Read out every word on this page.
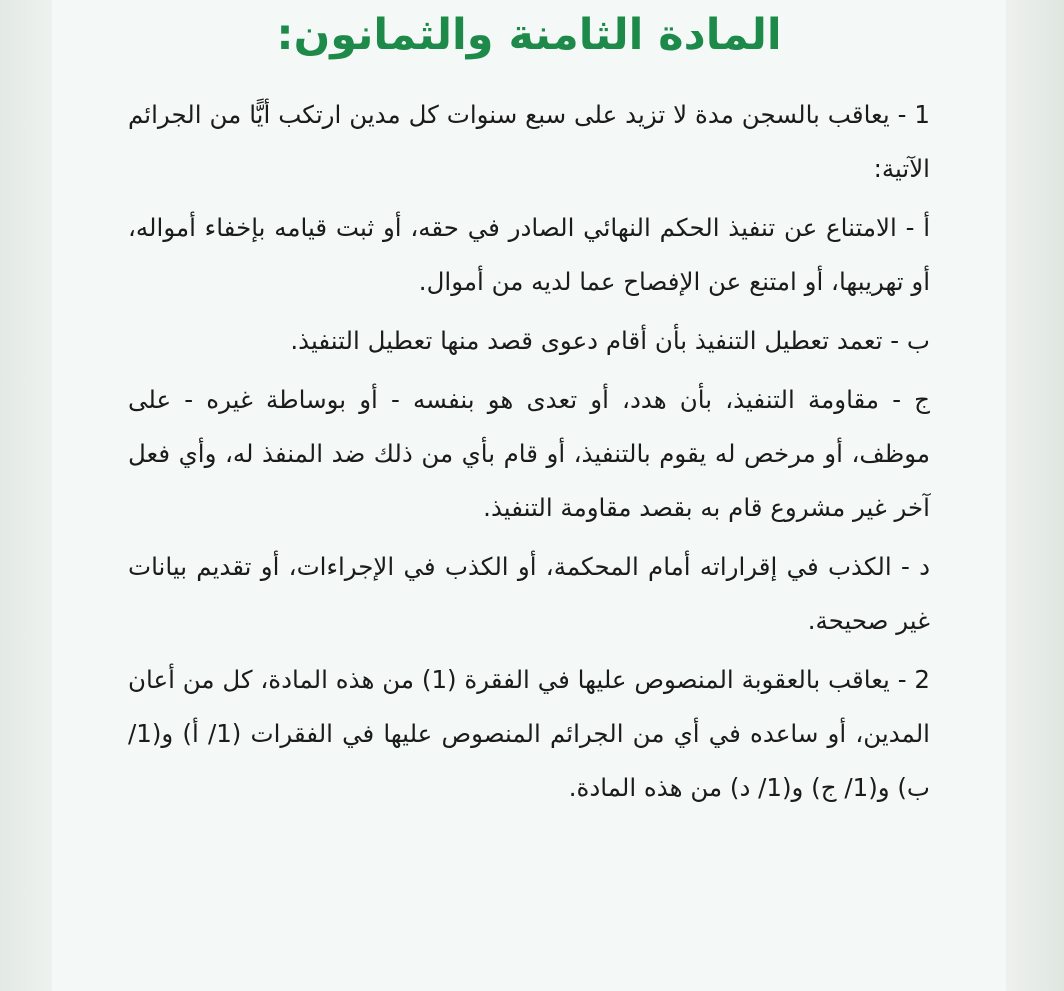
المادة الثامنة والثمانون:

1 - يعاقب بالسجن مدة لا تزيد على سبع سنوات كل مدين ارتكب أيًّا من الجرائم الآتية:

أ - الامتناع عن تنفيذ الحكم النهائي الصادر في حقه، أو ثبت قيامه بإخفاء أمواله، أو تهريبها، أو امتنع عن الإفصاح عما لديه من أموال.

ب - تعمد تعطيل التنفيذ بأن أقام دعوى قصد منها تعطيل التنفيذ.

ج - مقاومة التنفيذ، بأن هدد، أو تعدى هو بنفسه - أو بوساطة غيره - على موظف، أو مرخص له يقوم بالتنفيذ، أو قام بأي من ذلك ضد المنفذ له، وأي فعل آخر غير مشروع قام به بقصد مقاومة التنفيذ.

د - الكذب في إقراراته أمام المحكمة، أو الكذب في الإجراءات، أو تقديم بيانات غير صحيحة.

2 - يعاقب بالعقوبة المنصوص عليها في الفقرة (1) من هذه المادة، كل من أعان المدين، أو ساعده في أي من الجرائم المنصوص عليها في الفقرات (1/ أ) و(1/ ب) و(1/ ج) و(1/ د) من هذه المادة.
